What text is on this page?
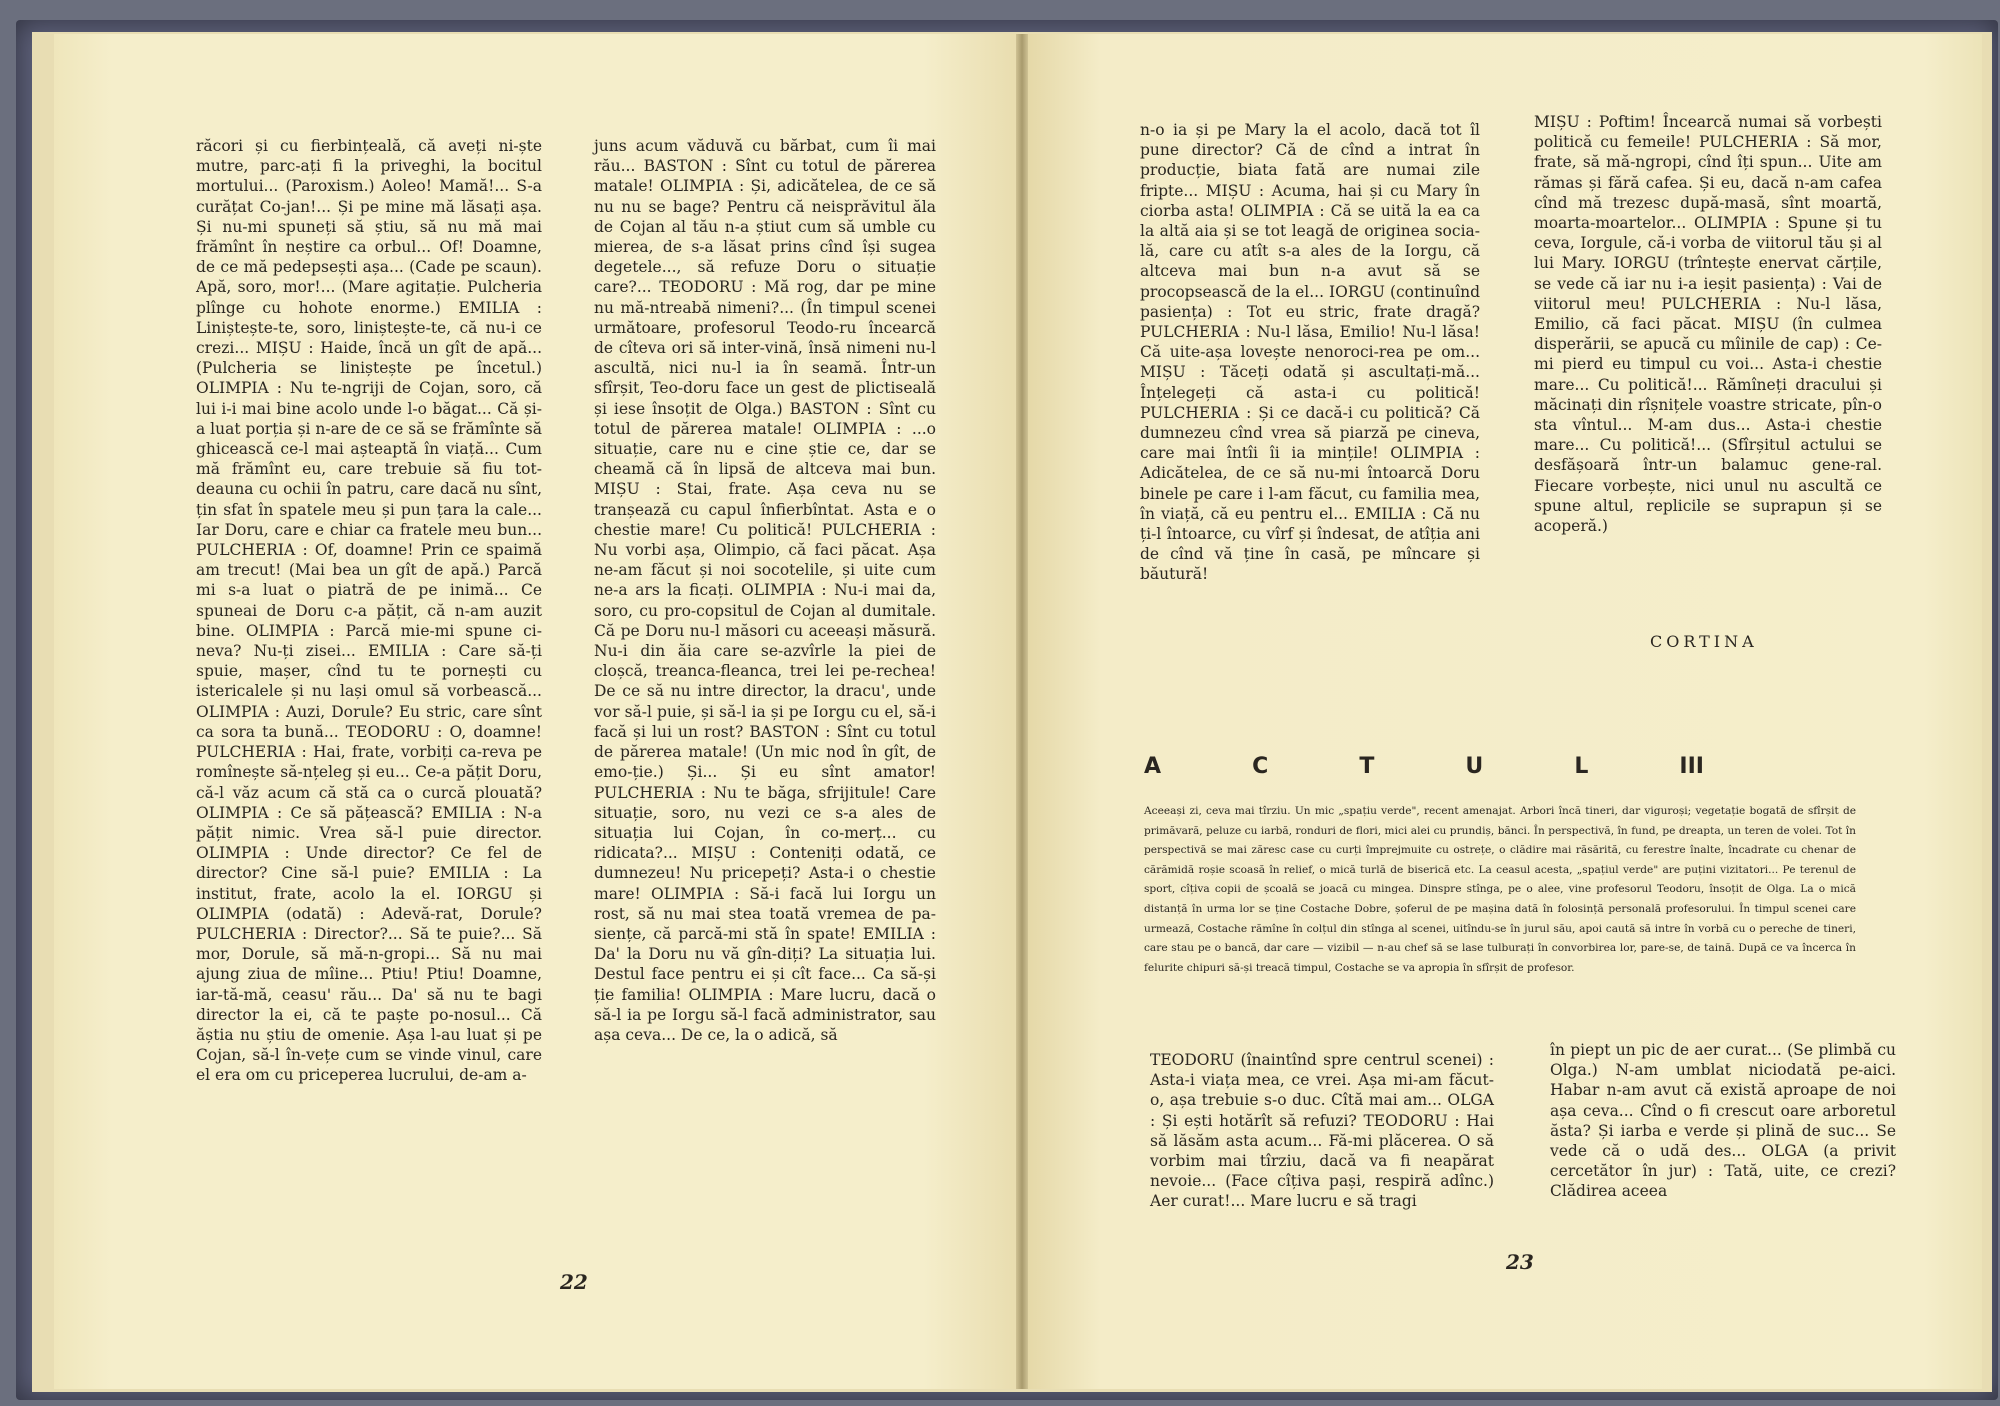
răcori și cu fierbințeală, că aveți ni-ște mutre, parc-ați fi la priveghi, la bocitul mortului... (Paroxism.) Aoleo! Mamă!... S-a curățat Co-jan!... Și pe mine mă lăsați așa. Și nu-mi spuneți să știu, să nu mă mai frămînt în neștire ca orbul... Of! Doamne, de ce mă pedepsești așa... (Cade pe scaun). Apă, soro, mor!... (Mare agitație. Pulcheria plînge cu hohote enorme.) EMILIA : Liniștește-te, soro, liniștește-te, că nu-i ce crezi... MIȘU : Haide, încă un gît de apă... (Pulcheria se liniștește pe încetul.) OLIMPIA : Nu te-ngriji de Cojan, soro, că lui i-i mai bine acolo unde l-o băgat... Că și-a luat porția și n-are de ce să se frămînte să ghicească ce-l mai așteaptă în viață... Cum mă frămînt eu, care trebuie să fiu tot-deauna cu ochii în patru, care dacă nu sînt, țin sfat în spatele meu și pun țara la cale... Iar Doru, care e chiar ca fratele meu bun... PULCHERIA : Of, doamne! Prin ce spaimă am trecut! (Mai bea un gît de apă.) Parcă mi s-a luat o piatră de pe inimă... Ce spuneai de Doru c-a pățit, că n-am auzit bine. OLIMPIA : Parcă mie-mi spune ci-neva? Nu-ți zisei... EMILIA : Care să-ți spuie, mașer, cînd tu te pornești cu istericalele și nu lași omul să vorbească... OLIMPIA : Auzi, Dorule? Eu stric, care sînt ca sora ta bună... TEODORU : O, doamne! PULCHERIA : Hai, frate, vorbiți ca-reva pe romînește să-nțeleg și eu... Ce-a pățit Doru, că-l văz acum că stă ca o curcă plouată? OLIMPIA : Ce să pățească? EMILIA : N-a pățit nimic. Vrea să-l puie director. OLIMPIA : Unde director? Ce fel de director? Cine să-l puie? EMILIA : La institut, frate, acolo la el. IORGU și OLIMPIA (odată) : Adevă-rat, Dorule? PULCHERIA : Director?... Să te puie?... Să mor, Dorule, să mă-n-gropi... Să nu mai ajung ziua de mîine... Ptiu! Ptiu! Doamne, iar-tă-mă, ceasu' rău... Da' să nu te bagi director la ei, că te paște po-nosul... Că ăștia nu știu de omenie. Așa l-au luat și pe Cojan, să-l în-vețe cum se vinde vinul, care el era om cu priceperea lucrului, de-am a-

juns acum văduvă cu bărbat, cum îi mai rău... BASTON : Sînt cu totul de părerea matale! OLIMPIA : Și, adicătelea, de ce să nu nu se bage? Pentru că neisprăvitul ăla de Cojan al tău n-a știut cum să umble cu mierea, de s-a lăsat prins cînd își sugea degetele..., să refuze Doru o situație care?... TEODORU : Mă rog, dar pe mine nu mă-ntreabă nimeni?... (În timpul scenei următoare, profesorul Teodo-ru încearcă de cîteva ori să inter-vină, însă nimeni nu-l ascultă, nici nu-l ia în seamă. Într-un sfîrșit, Teo-doru face un gest de plictiseală și iese însoțit de Olga.) BASTON : Sînt cu totul de părerea matale! OLIMPIA : ...o situație, care nu e cine știe ce, dar se cheamă că în lipsă de altceva mai bun. MIȘU : Stai, frate. Așa ceva nu se tranșează cu capul înfierbîntat. Asta e o chestie mare! Cu politică! PULCHERIA : Nu vorbi așa, Olimpio, că faci păcat. Așa ne-am făcut și noi socotelile, și uite cum ne-a ars la ficați. OLIMPIA : Nu-i mai da, soro, cu pro-copsitul de Cojan al dumitale. Că pe Doru nu-l măsori cu aceeași măsură. Nu-i din ăia care se-azvîrle la piei de cloșcă, treanca-fleanca, trei lei pe-rechea! De ce să nu intre director, la dracu', unde vor să-l puie, și să-l ia și pe Iorgu cu el, să-i facă și lui un rost? BASTON : Sînt cu totul de părerea matale! (Un mic nod în gît, de emo-ție.) Și... Și eu sînt amator! PULCHERIA : Nu te băga, sfrijitule! Care situație, soro, nu vezi ce s-a ales de situația lui Cojan, în co-merț... cu ridicata?... MIȘU : Conteniți odată, ce dumnezeu! Nu pricepeți? Asta-i o chestie mare! OLIMPIA : Să-i facă lui Iorgu un rost, să nu mai stea toată vremea de pa-siențe, că parcă-mi stă în spate! EMILIA : Da' la Doru nu vă gîn-diți? La situația lui. Destul face pentru ei și cît face... Ca să-și ție familia! OLIMPIA : Mare lucru, dacă o să-l ia pe Iorgu să-l facă administrator, sau așa ceva... De ce, la o adică, să

22

n-o ia și pe Mary la el acolo, dacă tot îl pune director? Că de cînd a intrat în producție, biata fată are numai zile fripte... MIȘU : Acuma, hai și cu Mary în ciorba asta! OLIMPIA : Că se uită la ea ca la altă aia și se tot leagă de originea socia-lă, care cu atît s-a ales de la Iorgu, că altceva mai bun n-a avut să se procopsească de la el... IORGU (continuînd pasiența) : Tot eu stric, frate dragă? PULCHERIA : Nu-l lăsa, Emilio! Nu-l lăsa! Că uite-așa lovește nenoroci-rea pe om... MIȘU : Tăceți odată și ascultați-mă... Înțelegeți că asta-i cu politică! PULCHERIA : Și ce dacă-i cu politică? Că dumnezeu cînd vrea să piarză pe cineva, care mai întîi îi ia mințile! OLIMPIA : Adicătelea, de ce să nu-mi întoarcă Doru binele pe care i l-am făcut, cu familia mea, în viață, că eu pentru el... EMILIA : Că nu ți-l întoarce, cu vîrf și îndesat, de atîția ani de cînd vă ține în casă, pe mîncare și băutură!

MIȘU : Poftim! Încearcă numai să vorbești politică cu femeile! PULCHERIA : Să mor, frate, să mă-ngropi, cînd îți spun... Uite am rămas și fără cafea. Și eu, dacă n-am cafea cînd mă trezesc după-masă, sînt moartă, moarta-moartelor... OLIMPIA : Spune și tu ceva, Iorgule, că-i vorba de viitorul tău și al lui Mary. IORGU (trîntește enervat cărțile, se vede că iar nu i-a ieșit pasiența) : Vai de viitorul meu! PULCHERIA : Nu-l lăsa, Emilio, că faci păcat. MIȘU (în culmea disperării, se apucă cu mîinile de cap) : Ce-mi pierd eu timpul cu voi... Asta-i chestie mare... Cu politică!... Rămîneți dracului și măcinați din rîșnițele voastre stricate, pîn-o sta vîntul... M-am dus... Asta-i chestie mare... Cu politică!... (Sfîrșitul actului se desfășoară într-un balamuc gene-ral. Fiecare vorbește, nici unul nu ascultă ce spune altul, replicile se suprapun și se acoperă.)

CORTINA
A	C	T	U	L	III
Aceeași zi, ceva mai tîrziu. Un mic „spațiu verde", recent amenajat. Arbori încă tineri, dar viguroși; vegetație bogată de sfîrșit de primăvară, peluze cu iarbă, ronduri de flori, mici alei cu prundiș, bănci. În perspectivă, în fund, pe dreapta, un teren de volei. Tot în perspectivă se mai zăresc case cu curți împrejmuite cu ostrețe, o clădire mai răsărită, cu ferestre înalte, încadrate cu chenar de cărămidă roșie scoasă în relief, o mică turlă de biserică etc. La ceasul acesta, „spațiul verde" are puțini vizitatori... Pe terenul de sport, cîțiva copii de școală se joacă cu mingea. Dinspre stînga, pe o alee, vine profesorul Teodoru, însoțit de Olga. La o mică distanță în urma lor se ține Costache Dobre, șoferul de pe mașina dată în folosință personală profesorului. În timpul scenei care urmează, Costache rămîne în colțul din stînga al scenei, uitîndu-se în jurul său, apoi caută să intre în vorbă cu o pereche de tineri, care stau pe o bancă, dar care — vizibil — n-au chef să se lase tulburați în convorbirea lor, pare-se, de taină. După ce va încerca în felurite chipuri să-și treacă timpul, Costache se va apropia în sfîrșit de profesor.

TEODORU (înaintînd spre centrul scenei) : Asta-i viața mea, ce vrei. Așa mi-am făcut-o, așa trebuie s-o duc. Cîtă mai am... OLGA : Și ești hotărît să refuzi? TEODORU : Hai să lăsăm asta acum... Fă-mi plăcerea. O să vorbim mai tîrziu, dacă va fi neapărat nevoie... (Face cîțiva pași, respiră adînc.) Aer curat!... Mare lucru e să tragi

în piept un pic de aer curat... (Se plimbă cu Olga.) N-am umblat niciodată pe-aici. Habar n-am avut că există aproape de noi așa ceva... Cînd o fi crescut oare arboretul ăsta? Și iarba e verde și plină de suc... Se vede că o udă des... OLGA (a privit cercetător în jur) : Tată, uite, ce crezi? Clădirea aceea

23
